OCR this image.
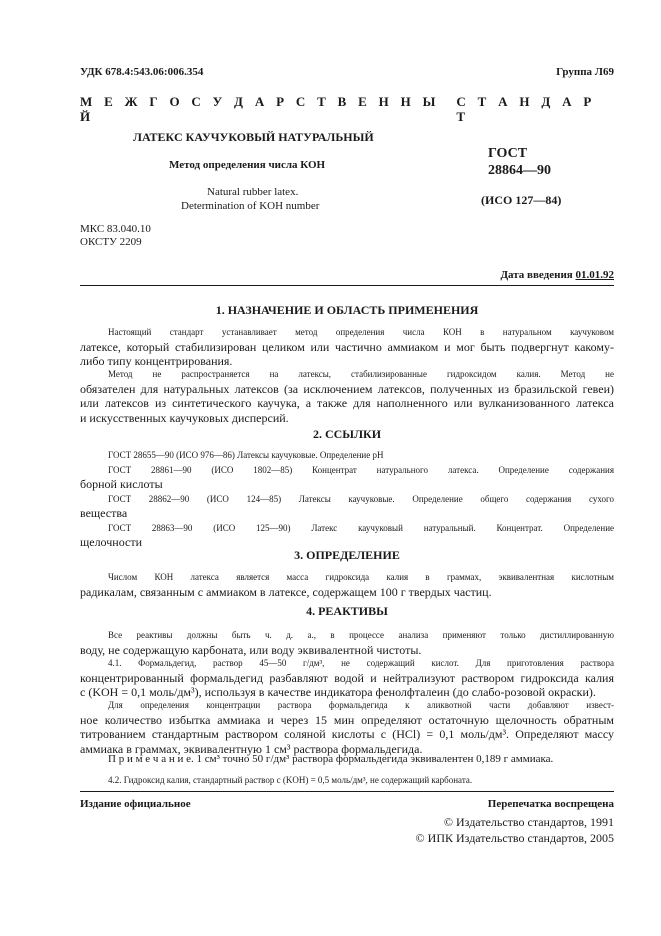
УДК 678.4:543.06:006.354	Группа Л69
М Е Ж Г О С У Д А Р С Т В Е Н Н Ы Й
С Т А Н Д А Р Т
ЛАТЕКС КАУЧУКОВЫЙ НАТУРАЛЬНЫЙ
Метод определения числа КОН
Natural rubber latex.
Determination of KOH number
ГОСТ
28864—90
(ИСО 127—84)
МКС 83.040.10
ОКСТУ 2209
Дата введения 01.01.92
1. НАЗНАЧЕНИЕ И ОБЛАСТЬ ПРИМЕНЕНИЯ
Настоящий стандарт устанавливает метод определения числа КОН в натуральном каучуковом
латексе, который стабилизирован целиком или частично аммиаком и мог быть подвергнут какому-
либо типу концентрирования.
Метод не распространяется на латексы, стабилизированные гидроксидом калия. Метод не
обязателен для натуральных латексов (за исключением латексов, полученных из бразильской гевеи)
или латексов из синтетического каучука, а также для наполненного или вулканизованного латекса
и искусственных каучуковых дисперсий.
2. ССЫЛКИ
ГОСТ 28655—90 (ИСО 976—86) Латексы каучуковые. Определение рН
ГОСТ 28861—90 (ИСО 1802—85) Концентрат натурального латекса. Определение содержания
борной кислоты
ГОСТ 28862—90 (ИСО 124—85) Латексы каучуковые. Определение общего содержания сухого
вещества
ГОСТ 28863—90 (ИСО 125—90) Латекс каучуковый натуральный. Концентрат. Определение
щелочности
3. ОПРЕДЕЛЕНИЕ
Числом КОН латекса является масса гидроксида калия в граммах, эквивалентная кислотным
радикалам, связанным с аммиаком в латексе, содержащем 100 г твердых частиц.
4. РЕАКТИВЫ
Все реактивы должны быть ч. д. а., в процессе анализа применяют только дистиллированную
воду, не содержащую карбоната, или воду эквивалентной чистоты.
4.1. Формальдегид, раствор 45—50 г/дм³, не содержащий кислот. Для приготовления раствора
концентрированный формальдегид разбавляют водой и нейтрализуют раствором гидроксида калия
c (KOH = 0,1 моль/дм³), используя в качестве индикатора фенолфталеин (до слабо-розовой окраски).
Для определения концентрации раствора формальдегида к аликвотной части добавляют извест-
ное количество избытка аммиака и через 15 мин определяют остаточную щелочность обратным
титрованием стандартным раствором соляной кислоты c (HCl) = 0,1 моль/дм³. Определяют массу
аммиака в граммах, эквивалентную 1 см³ раствора формальдегида.
П р и м е ч а н и е. 1 см³ точно 50 г/дм³ раствора формальдегида эквивалентен 0,189 г аммиака.
4.2. Гидроксид калия, стандартный раствор c (KOH) = 0,5 моль/дм³, не содержащий карбоната.
Издание официальное	Перепечатка воспрещена
© Издательство стандартов, 1991
© ИПК Издательство стандартов, 2005
